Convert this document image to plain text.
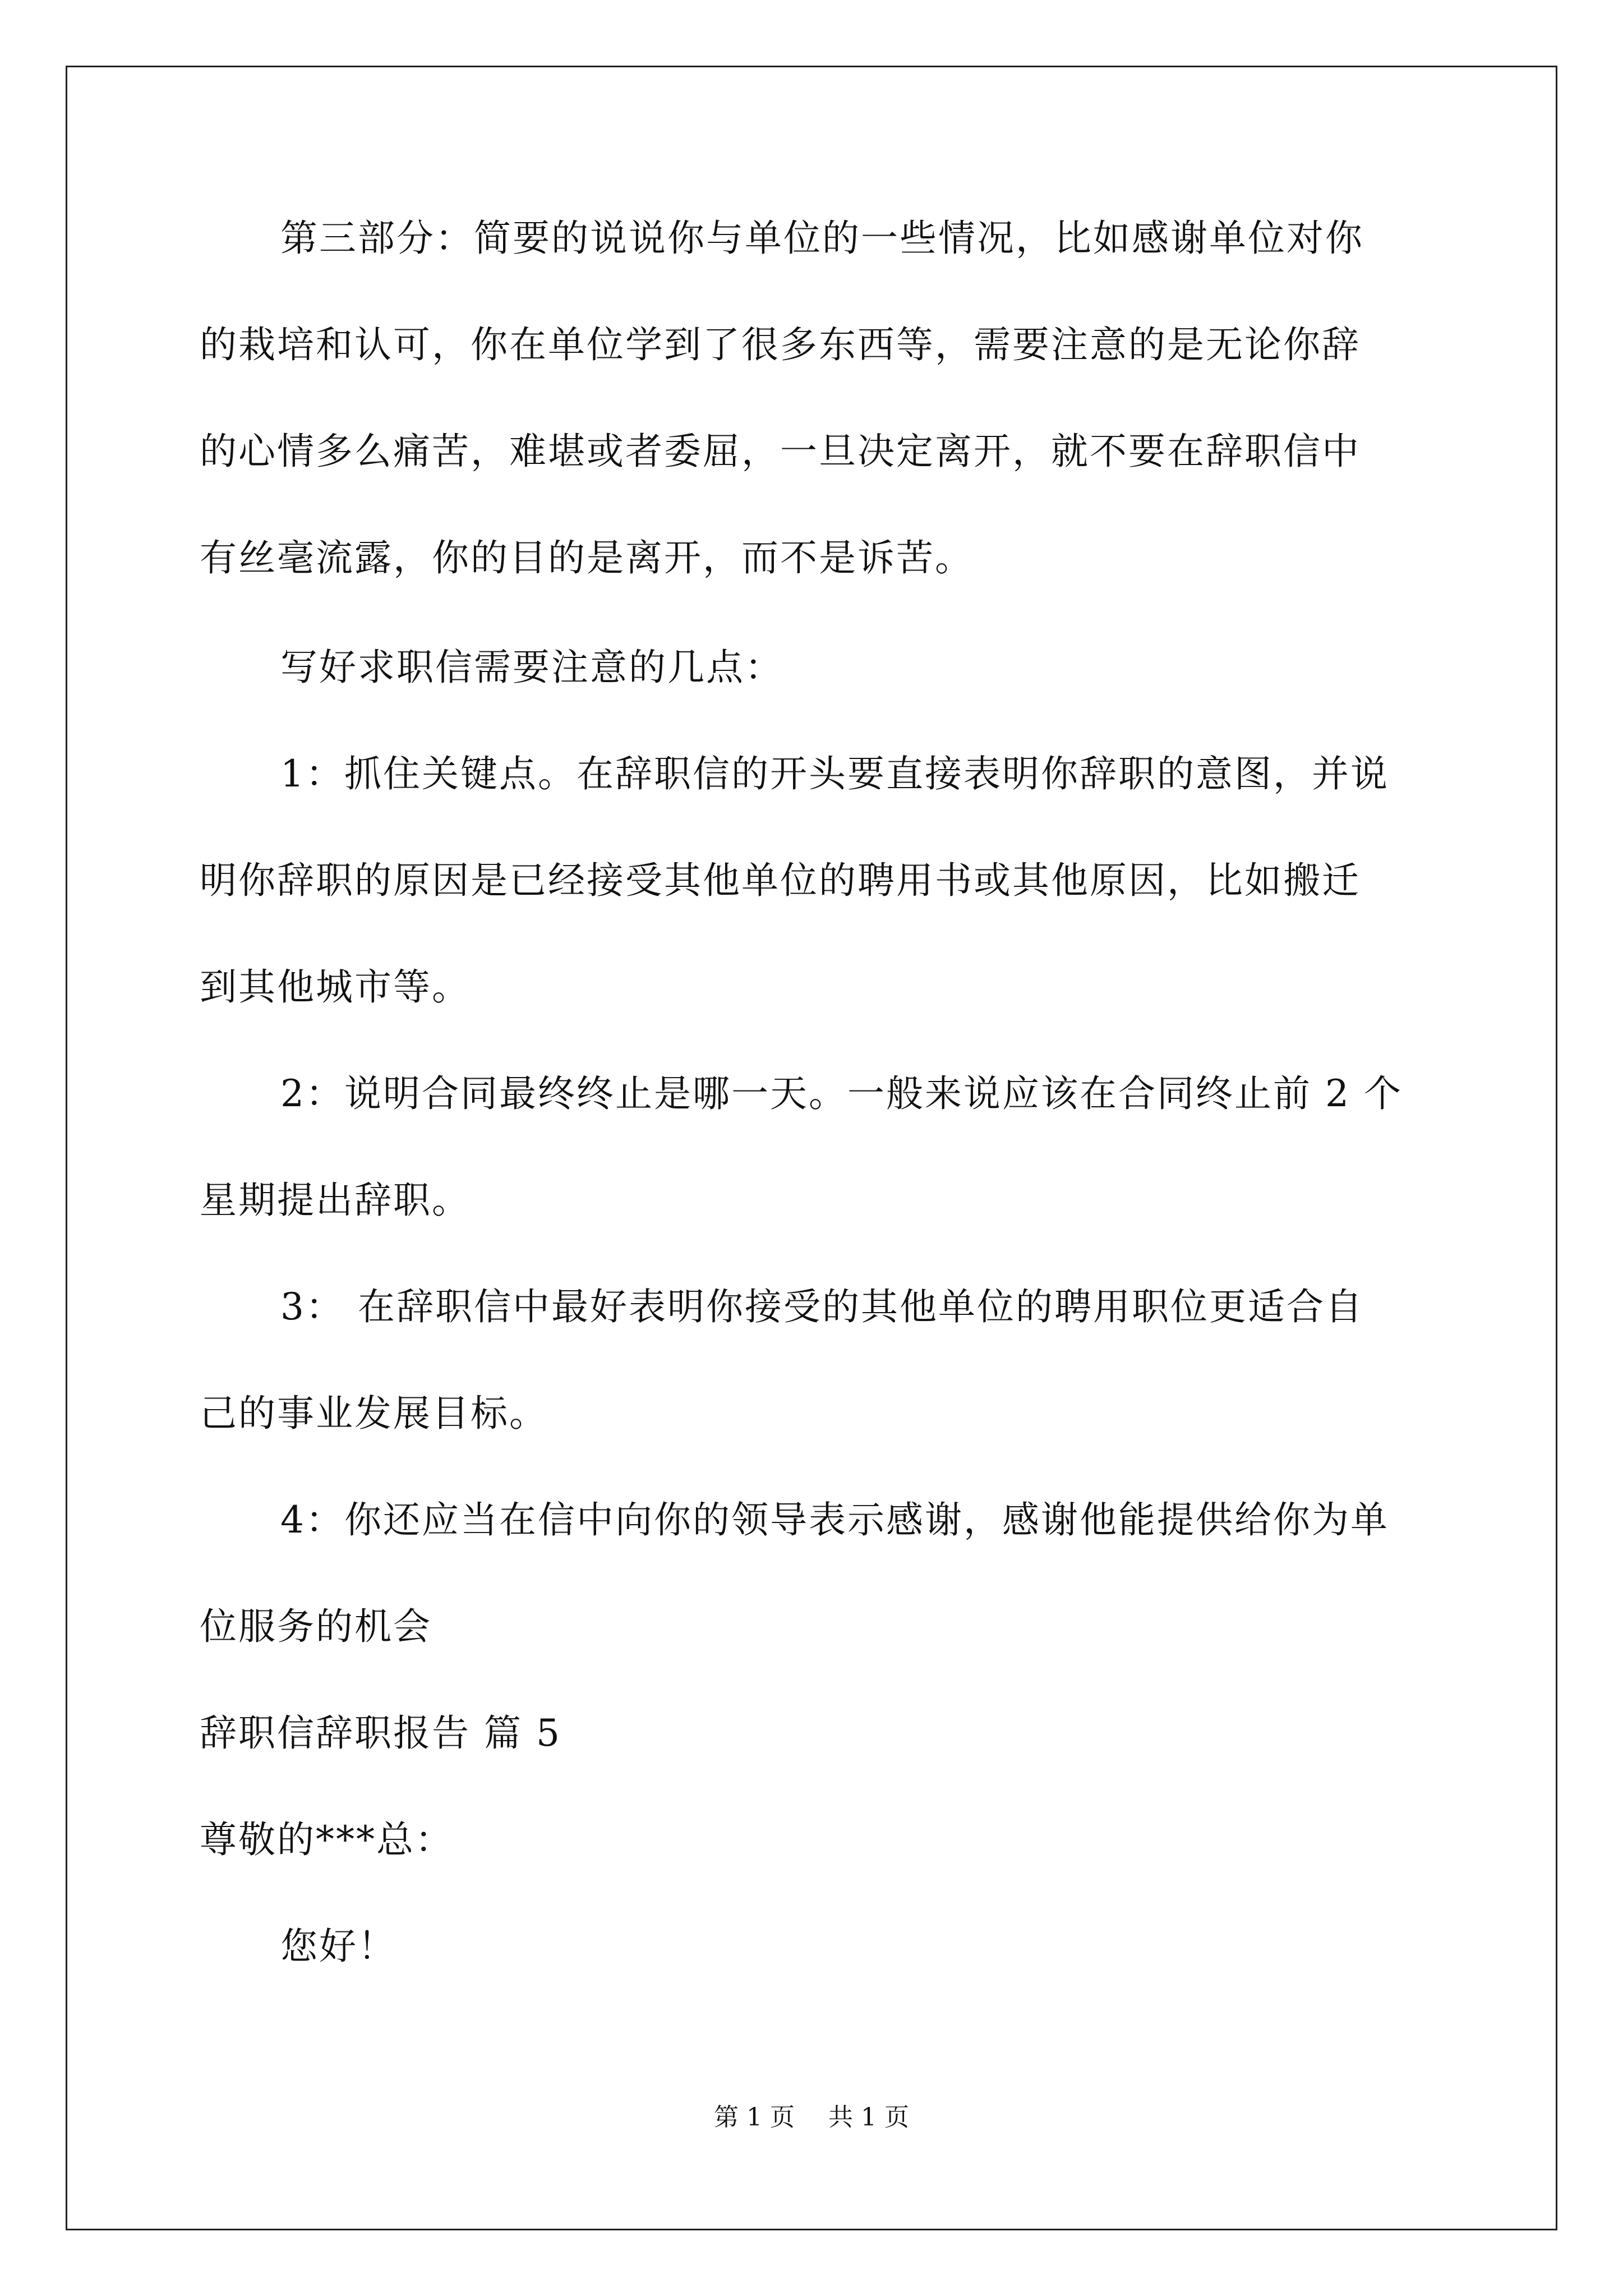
第三部分：简要的说说你与单位的一些情况，比如感谢单位对你
的栽培和认可，你在单位学到了很多东西等，需要注意的是无论你辞
的心情多么痛苦，难堪或者委屈，一旦决定离开，就不要在辞职信中
有丝毫流露，你的目的是离开，而不是诉苦。
写好求职信需要注意的几点：
1：抓住关键点。在辞职信的开头要直接表明你辞职的意图，并说
明你辞职的原因是已经接受其他单位的聘用书或其他原因，比如搬迁
到其他城市等。
2：说明合同最终终止是哪一天。一般来说应该在合同终止前 2 个
星期提出辞职。
3： 在辞职信中最好表明你接受的其他单位的聘用职位更适合自
己的事业发展目标。
4：你还应当在信中向你的领导表示感谢，感谢他能提供给你为单
位服务的机会
辞职信辞职报告 篇 5
尊敬的***总：
您好！
第 1 页 共 1 页
